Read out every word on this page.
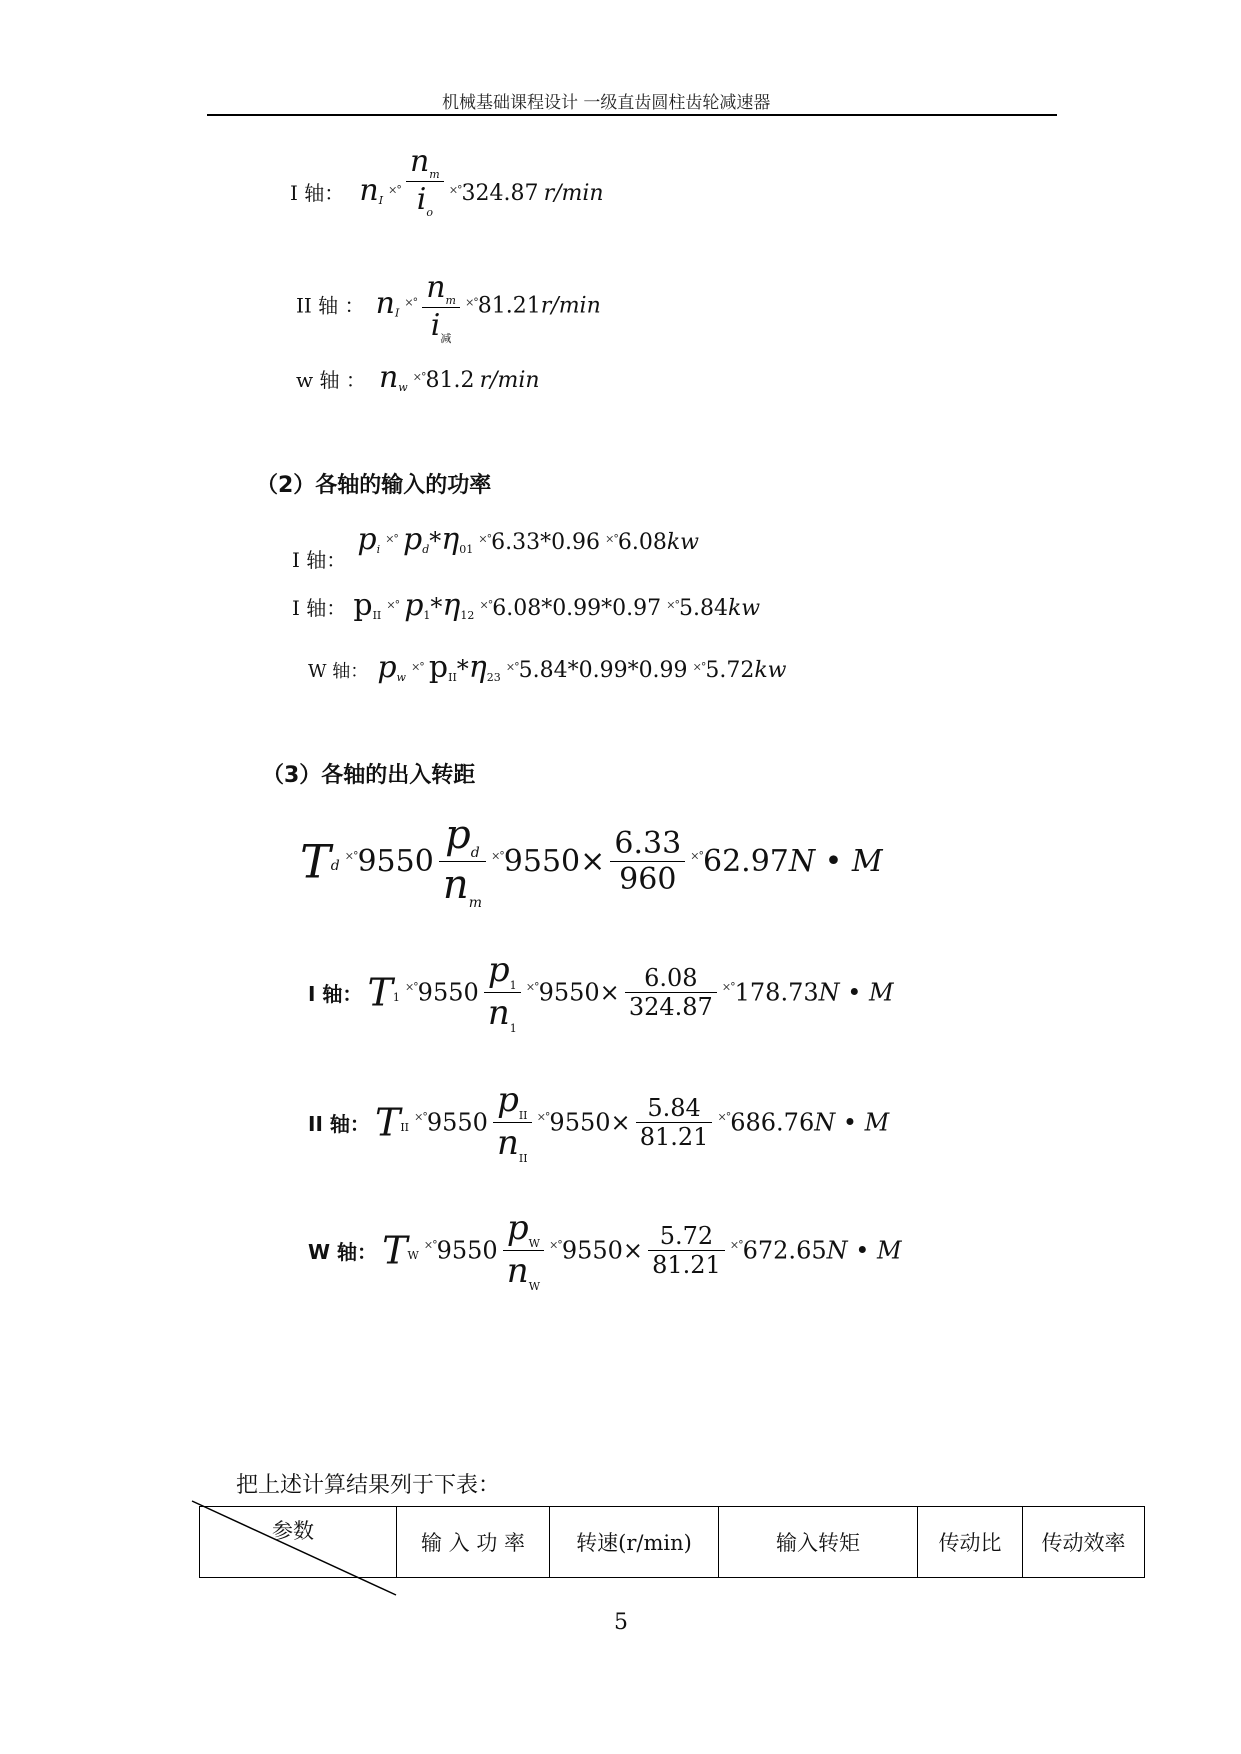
机械基础课程设计 一级直齿圆柱齿轮减速器
I 轴： $n_I$ $^{\times^\circ} \frac{n_m}{i_o} ^{\times^\circ}324.87$ r/min
II 轴 ： $n_I$ $^{\times^\circ} \frac{n_m}{i_减} ^{\times^\circ}81.21r/\min$
w 轴 ： $n_w$ ×°81.2 r/min
（2）各轴的输入的功率
I 轴： $p_i$ ×° $p_d*\eta_{01}$ ×°6.33*0.96 ×°6.08kw
I 轴： $p_{II}$ ×° $p_1*\eta_{12}$ ×°6.08*0.99*0.97 ×°5.84kw
W 轴： $p_w$ ×° $p_{II}*\eta_{23}$ ×°5.84*0.99*0.99 ×°5.72kw
（3）各轴的出入转距
Td $^{\times^\circ}9550 \frac{p_d}{n_m} ^{\times^\circ}9550\times \frac{6.33}{960} ^{\times^\circ}62.97N$ • M
I 轴： $T_1$ $^{\times^\circ}9550 \frac{p_1}{n_1} ^{\times^\circ}9550\times \frac{6.08}{324.87} ^{\times^\circ}178.73N$ • M
II 轴： $T_{II}$ $^{\times^\circ}9550 \frac{p_{II}}{n_{II}} ^{\times^\circ}9550\times \frac{5.84}{81.21} ^{\times^\circ}686.76N$ • M
W 轴： $T_W$ $^{\times^\circ}9550 \frac{p_W}{n_W} ^{\times^\circ}9550\times \frac{5.72}{81.21} ^{\times^\circ}672.65N$ • M
把上述计算结果列于下表：
参数	输 入 功 率	转速(r/min)	输入转矩	传动比	传动效率
5
